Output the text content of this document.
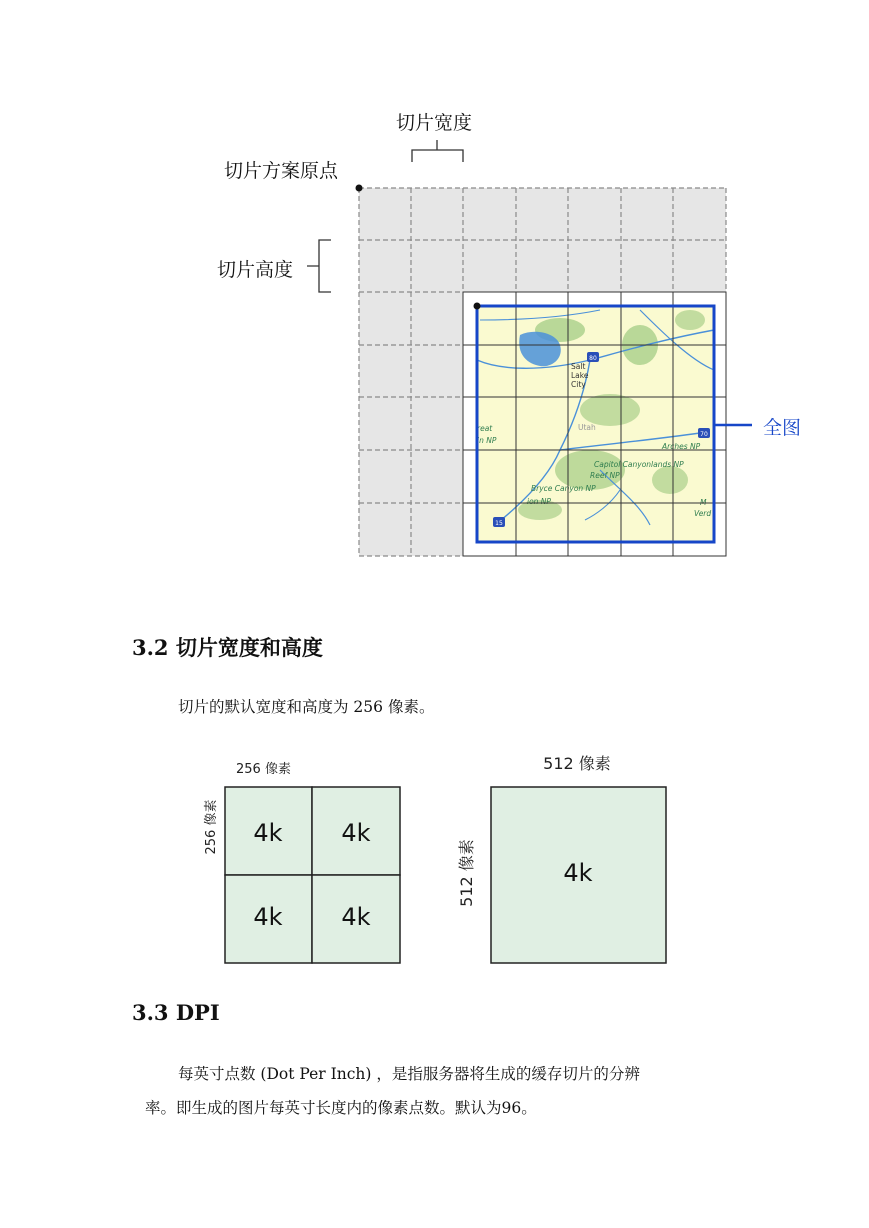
切片宽度
切片方案原点
切片高度
全图
80
70
15
Salt
Lake
City
Utah
reat
in NP
Capitol Canyonlands NP
Reef NP
Bryce Canyon NP
ion NP
Arches NP
M
Verd
3.2 切片宽度和高度
切片的默认宽度和高度为 256 像素。
256 像素
256 像素 4k 4k
4k 4k
512 像素
512 像素	4k
3.3 DPI
每英寸点数 (Dot Per Inch) ，是指服务器将生成的缓存切片的分辨
率。即生成的图片每英寸长度内的像素点数。默认为96。
